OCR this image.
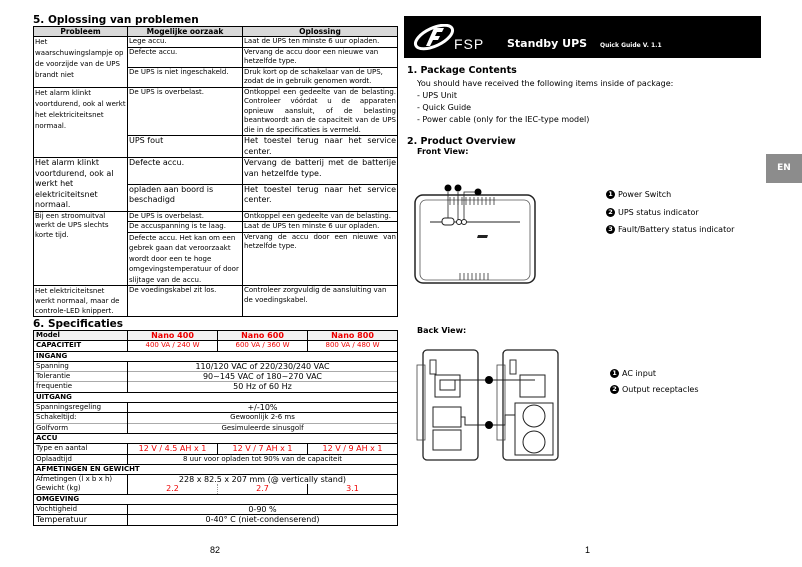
5. Oplossing van problemen
Probleem	Mogelijke oorzaak	Oplossing
Het waarschuwingslampje op de voorzijde van de UPS brandt niet	Lege accu.	Laat de UPS ten minste 6 uur opladen.
	Defecte accu.	Vervang de accu door een nieuwe van hetzelfde type.
	De UPS is niet ingeschakeld.	Druk kort op de schakelaar van de UPS, zodat de in gebruik genomen wordt.
Het alarm klinkt voortdurend, ook al werkt het elektriciteitsnet normaal.	De UPS is overbelast.	Ontkoppel een gedeelte van de belasting. Controleer vóórdat u de apparaten opnieuw aansluit, of de belasting beantwoordt aan de capaciteit van de UPS die in de specificaties is vermeld.
	UPS fout	Het toestel terug naar het service center.
Het alarm klinkt voortdurend, ook al werkt het elektriciteitsnet normaal.	Defecte accu.	Vervang de batterij met de batterije van hetzelfde type.
	opladen aan boord is beschadigd	Het toestel terug naar het service center.
Bij een stroomuitval werkt de UPS slechts korte tijd.	De UPS is overbelast.	Ontkoppel een gedeelte van de belasting.
	De accuspanning is te laag.	Laat de UPS ten minste 6 uur opladen.
	Defecte accu. Het kan om een gebrek gaan dat veroorzaakt wordt door een te hoge omgevingstemperatuur of door slijtage van de accu.	Vervang de accu door een nieuwe van hetzelfde type.
Het elektriciteitsnet werkt normaal, maar de controle-LED knippert.	De voedingskabel zit los.	Controleer zorgvuldig de aansluiting van de voedingskabel.
6. Specificaties
Model	Nano 400	Nano 600	Nano 800
CAPACITEIT	400 VA / 240 W	600 VA / 360 W	800 VA / 480 W
INGANG			
Spanning	110/120 VAC of 220/230/240 VAC		
Tolerantie	90~145 VAC of 180~270 VAC		
frequentie	50 Hz of 60 Hz		
UITGANG			
Spanningsregeling	+/-10%		
Schakeltijd:	Gewoonlijk 2-6 ms		
Golfvorm	Gesimuleerde sinusgolf		
ACCU			
Type en aantal	12 V / 4.5 AH x 1	12 V / 7 AH x 1	12 V / 9 AH x 1
Oplaadtijd	8 uur voor opladen tot 90% van de capaciteit		
AFMETINGEN EN GEWICHT			
Afmetingen (l x b x h)	228 x 82.5 x 207 mm (@ vertically stand)		
Gewicht (kg)	2.2	2.7	3.1
OMGEVING			
Vochtigheid	0-90 %		
Temperatuur	0-40° C (niet-condenserend)		
82
FSP Standby UPS Quick Guide V. 1.1
1. Package Contents
You should have received the following items inside of package:
- UPS Unit
- Quick Guide
- Power cable (only for the IEC-type model)
2. Product Overview
Front View:
1 Power Switch
2 UPS status indicator
3 Fault/Battery status indicator
EN
Back View:
1 AC input
2 Output receptacles
1
